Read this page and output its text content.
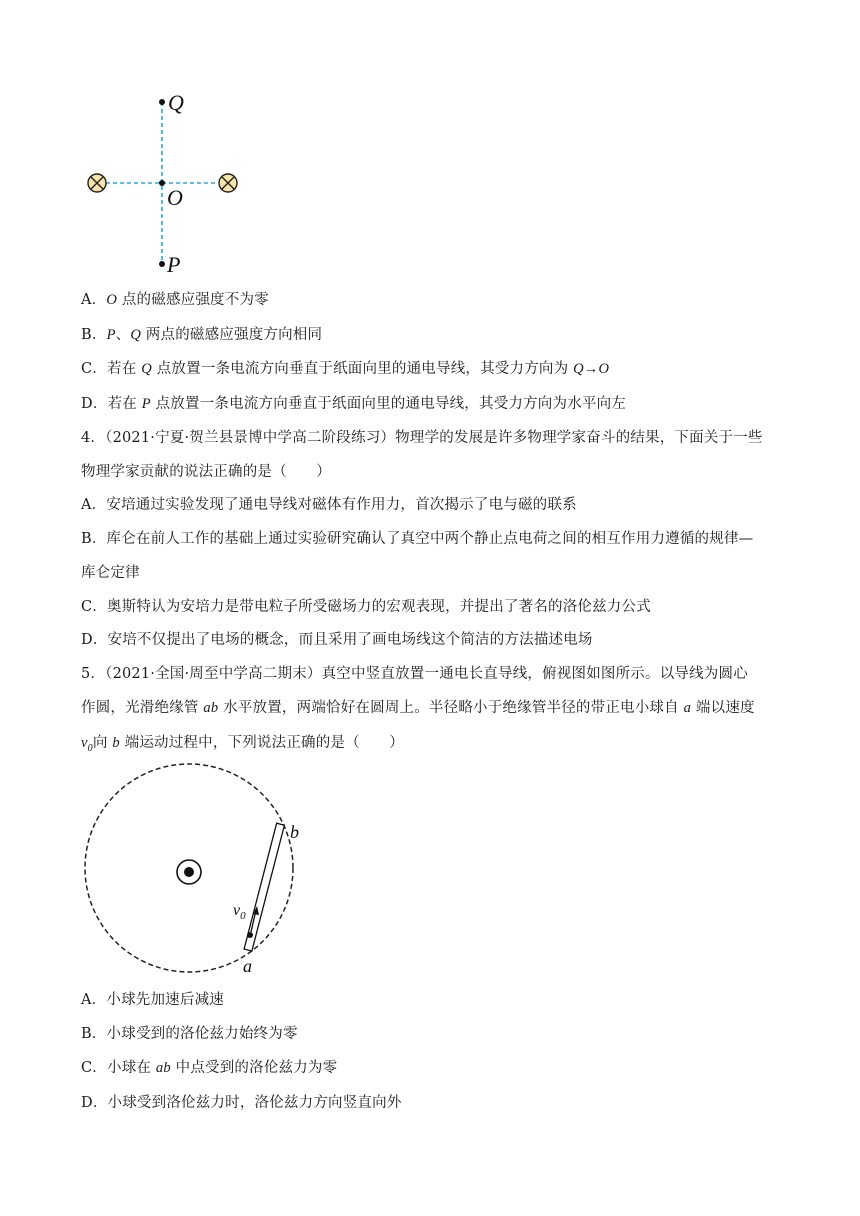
Q
O
P
A．O 点的磁感应强度不为零
B．P、Q 两点的磁感应强度方向相同
C．若在 Q 点放置一条电流方向垂直于纸面向里的通电导线，其受力方向为 Q→O
D．若在 P 点放置一条电流方向垂直于纸面向里的通电导线，其受力方向为水平向左
4．（2021·宁夏·贺兰县景博中学高二阶段练习）物理学的发展是许多物理学家奋斗的结果，下面关于一些
物理学家贡献的说法正确的是（　　）
A．安培通过实验发现了通电导线对磁体有作用力，首次揭示了电与磁的联系
B．库仑在前人工作的基础上通过实验研究确认了真空中两个静止点电荷之间的相互作用力遵循的规律—
库仑定律
C．奥斯特认为安培力是带电粒子所受磁场力的宏观表现，并提出了著名的洛伦兹力公式
D．安培不仅提出了电场的概念，而且采用了画电场线这个简洁的方法描述电场
5．（2021·全国·周至中学高二期末）真空中竖直放置一通电长直导线，俯视图如图所示。以导线为圆心
作圆，光滑绝缘管 ab 水平放置，两端恰好在圆周上。半径略小于绝缘管半径的带正电小球自 a 端以速度
$v_0$向 b 端运动过程中，下列说法正确的是（　　）
$v_0$
b
a
A．小球先加速后减速
B．小球受到的洛伦兹力始终为零
C．小球在 ab 中点受到的洛伦兹力为零
D．小球受到洛伦兹力时，洛伦兹力方向竖直向外
